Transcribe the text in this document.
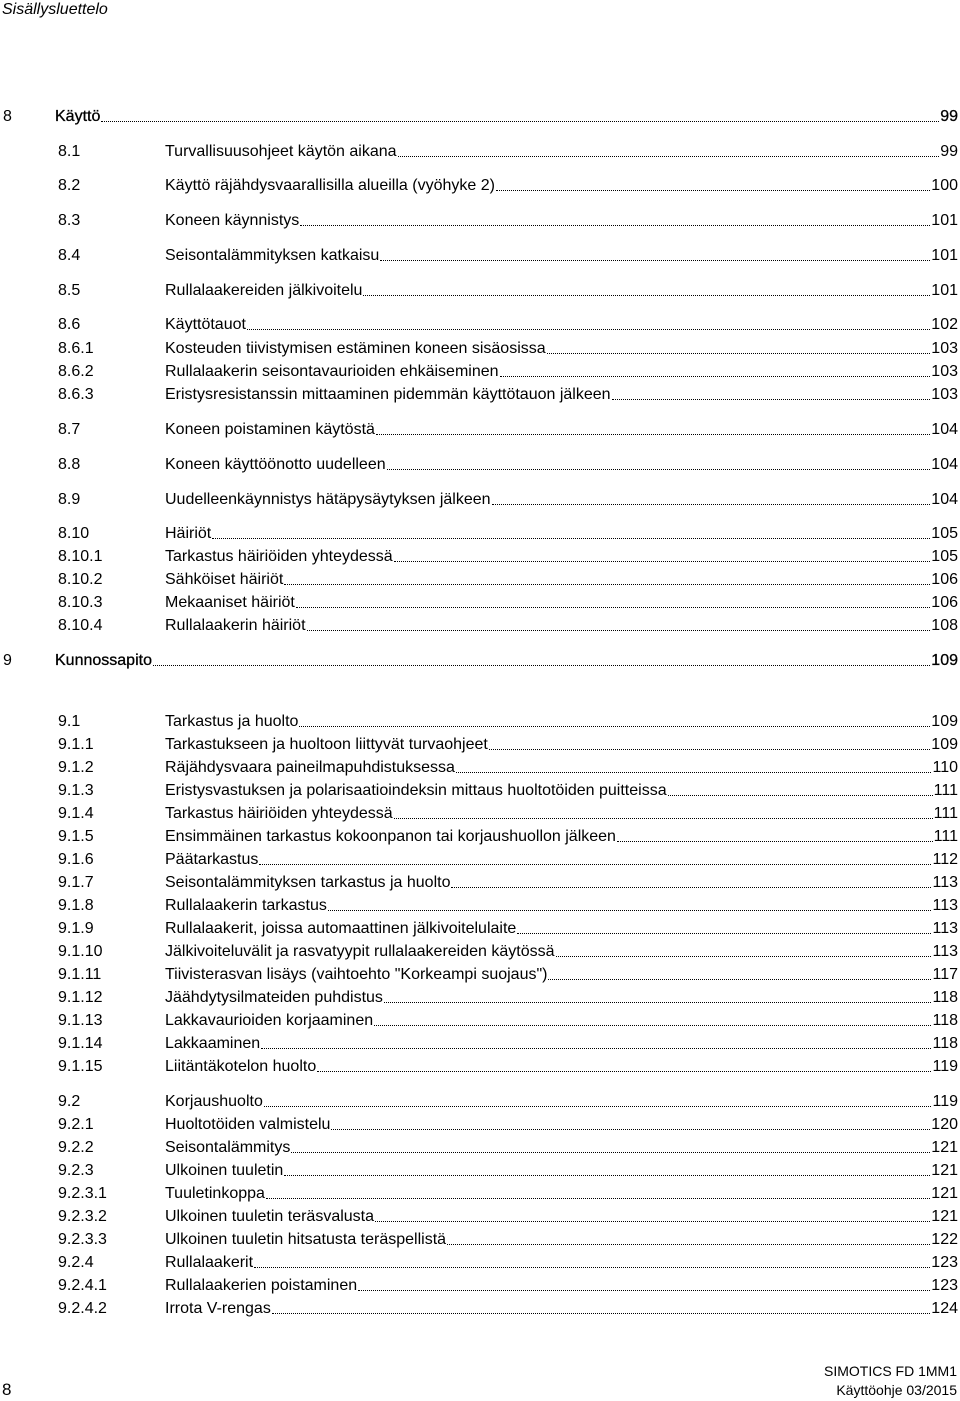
Sisällysluettelo
8	Käyttö	99
8.1	Turvallisuusohjeet käytön aikana	99
8.2	Käyttö räjähdysvaarallisilla alueilla (vyöhyke 2)	100
8.3	Koneen käynnistys	101
8.4	Seisontalämmityksen katkaisu	101
8.5	Rullalaakereiden jälkivoitelu	101
8.6	Käyttötauot	102
8.6.1	Kosteuden tiivistymisen estäminen koneen sisäosissa	103
8.6.2	Rullalaakerin seisontavaurioiden ehkäiseminen	103
8.6.3	Eristysresistanssin mittaaminen pidemmän käyttötauon jälkeen	103
8.7	Koneen poistaminen käytöstä	104
8.8	Koneen käyttöönotto uudelleen	104
8.9	Uudelleenkäynnistys hätäpysäytyksen jälkeen	104
8.10	Häiriöt	105
8.10.1	Tarkastus häiriöiden yhteydessä	105
8.10.2	Sähköiset häiriöt	106
8.10.3	Mekaaniset häiriöt	106
8.10.4	Rullalaakerin häiriöt	108
9	Kunnossapito	109
9.1	Tarkastus ja huolto	109
9.1.1	Tarkastukseen ja huoltoon liittyvät turvaohjeet	109
9.1.2	Räjähdysvaara paineilmapuhdistuksessa	110
9.1.3	Eristysvastuksen ja polarisaatioindeksin mittaus huoltotöiden puitteissa	111
9.1.4	Tarkastus häiriöiden yhteydessä	111
9.1.5	Ensimmäinen tarkastus kokoonpanon tai korjaushuollon jälkeen	111
9.1.6	Päätarkastus	112
9.1.7	Seisontalämmityksen tarkastus ja huolto	113
9.1.8	Rullalaakerin tarkastus	113
9.1.9	Rullalaakerit, joissa automaattinen jälkivoitelulaite	113
9.1.10	Jälkivoiteluvälit ja rasvatyypit rullalaakereiden käytössä	113
9.1.11	Tiivisterasvan lisäys (vaihtoehto "Korkeampi suojaus")	117
9.1.12	Jäähdytysilmateiden puhdistus	118
9.1.13	Lakkavaurioiden korjaaminen	118
9.1.14	Lakkaaminen	118
9.1.15	Liitäntäkotelon huolto	119
9.2	Korjaushuolto	119
9.2.1	Huoltotöiden valmistelu	120
9.2.2	Seisontalämmitys	121
9.2.3	Ulkoinen tuuletin	121
9.2.3.1	Tuuletinkoppa	121
9.2.3.2	Ulkoinen tuuletin teräsvalusta	121
9.2.3.3	Ulkoinen tuuletin hitsatusta teräspellistä	122
9.2.4	Rullalaakerit	123
9.2.4.1	Rullalaakerien poistaminen	123
9.2.4.2	Irrota V-rengas	124
8
SIMOTICS FD 1MM1
Käyttöohje 03/2015
